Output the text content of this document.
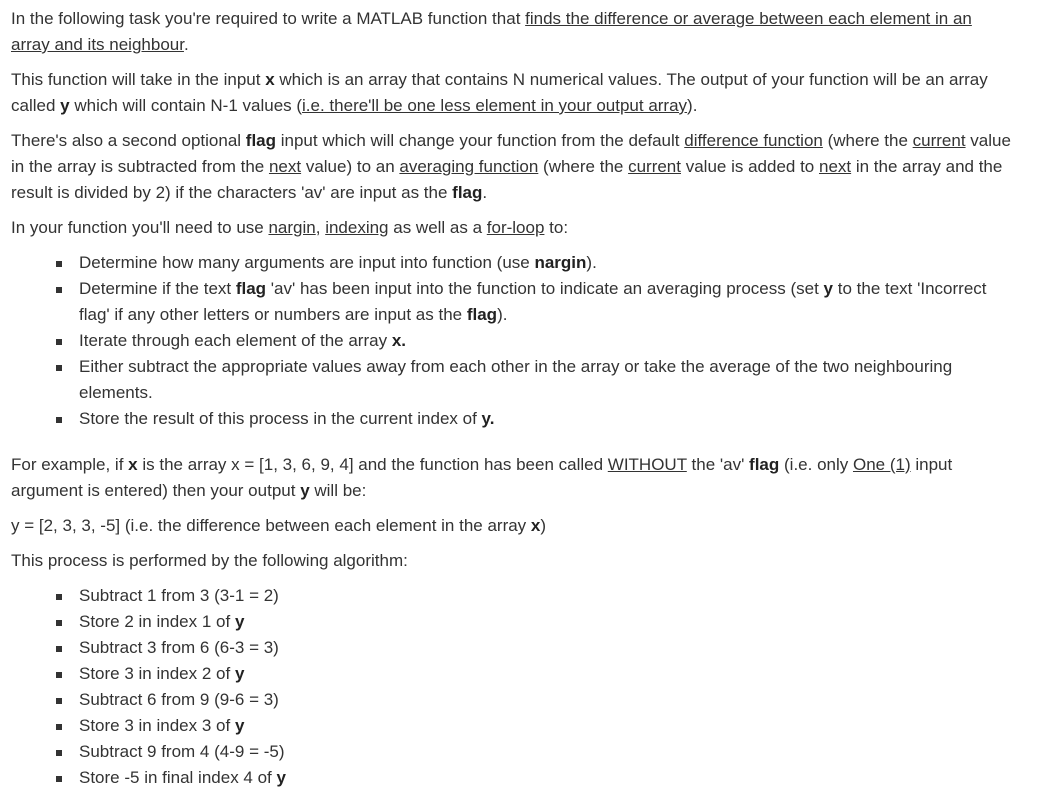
In the following task you're required to write a MATLAB function that finds the difference or average between each element in an array and its neighbour.

This function will take in the input x which is an array that contains N numerical values. The output of your function will be an array called y which will contain N-1 values (i.e. there'll be one less element in your output array).

There's also a second optional flag input which will change your function from the default difference function (where the current value in the array is subtracted from the next value) to an averaging function (where the current value is added to next in the array and the result is divided by 2) if the characters 'av' are input as the flag.

In your function you'll need to use nargin, indexing as well as a for-loop to:

Determine how many arguments are input into function (use nargin).
Determine if the text flag 'av' has been input into the function to indicate an averaging process (set y to the text 'Incorrect flag' if any other letters or numbers are input as the flag).
Iterate through each element of the array x.
Either subtract the appropriate values away from each other in the array or take the average of the two neighbouring elements.
Store the result of this process in the current index of y.

For example, if x is the array x = [1, 3, 6, 9, 4] and the function has been called WITHOUT the 'av' flag (i.e. only One (1) input argument is entered) then your output y will be:

y = [2, 3, 3, -5] (i.e. the difference between each element in the array x)

This process is performed by the following algorithm:

Subtract 1 from 3 (3-1 = 2)
Store 2 in index 1 of y
Subtract 3 from 6 (6-3 = 3)
Store 3 in index 2 of y
Subtract 6 from 9 (9-6 = 3)
Store 3 in index 3 of y
Subtract 9 from 4 (4-9 = -5)
Store -5 in final index 4 of y
